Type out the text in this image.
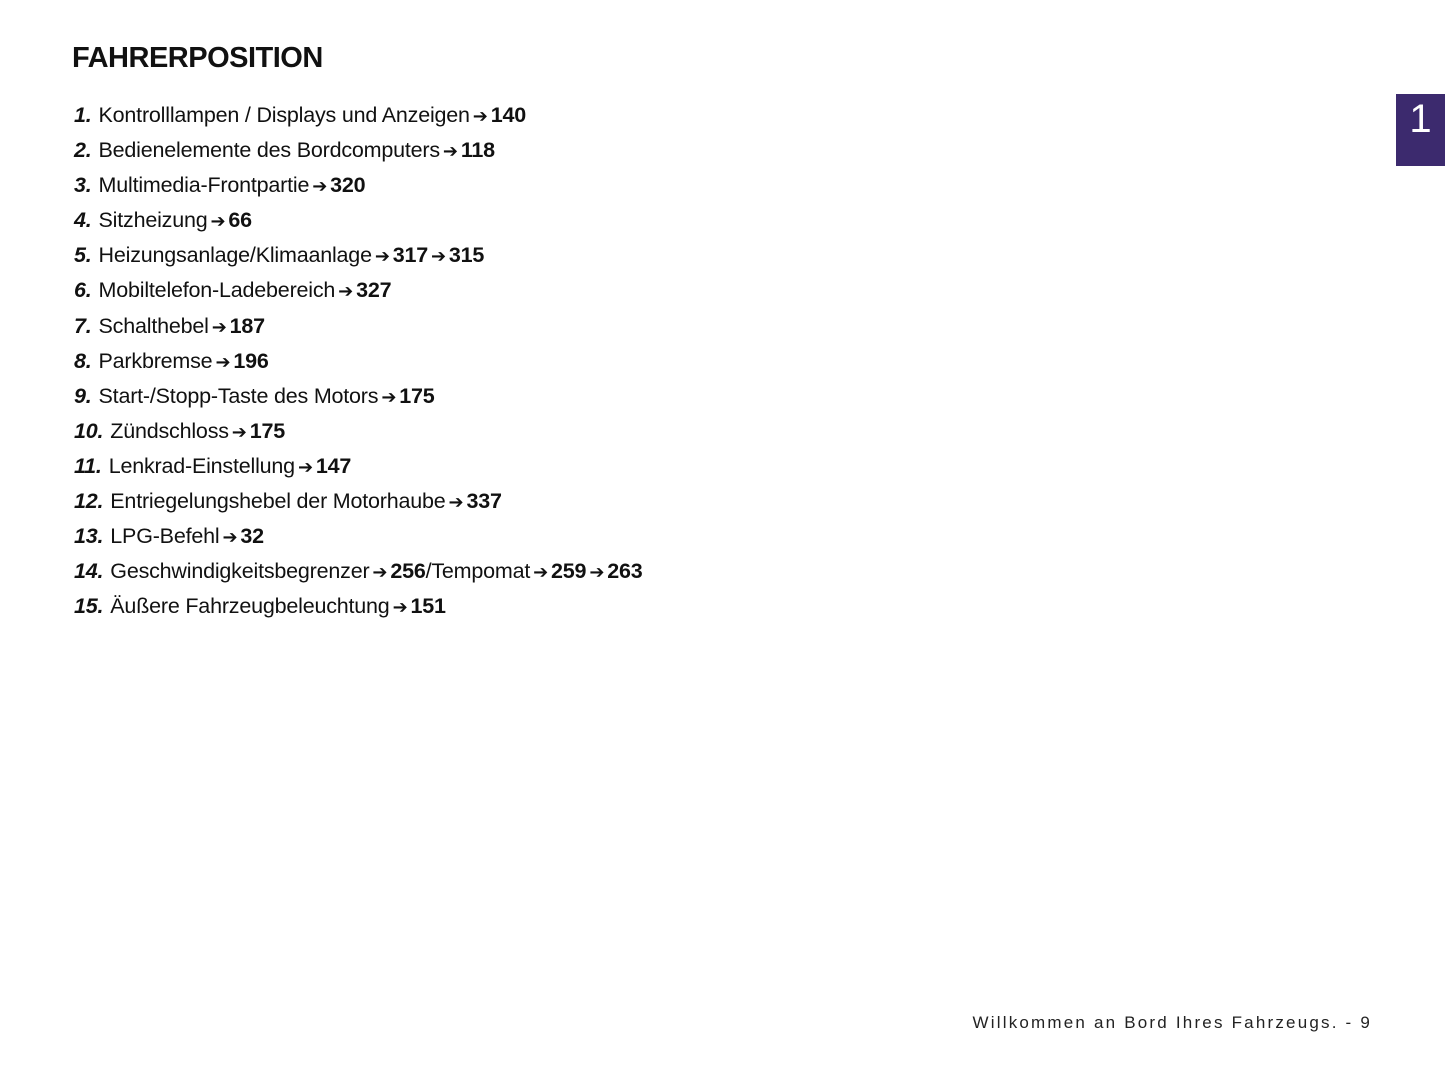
FAHRERPOSITION
1. Kontrolllampen / Displays und Anzeigen ➔ 140
2. Bedienelemente des Bordcomputers ➔ 118
3. Multimedia-Frontpartie ➔ 320
4. Sitzheizung ➔ 66
5. Heizungsanlage/Klimaanlage ➔ 317 ➔ 315
6. Mobiltelefon-Ladebereich ➔ 327
7. Schalthebel ➔ 187
8. Parkbremse ➔ 196
9. Start-/Stopp-Taste des Motors ➔ 175
10. Zündschloss ➔ 175
11. Lenkrad-Einstellung ➔ 147
12. Entriegelungshebel der Motorhaube ➔ 337
13. LPG-Befehl ➔ 32
14. Geschwindigkeitsbegrenzer ➔ 256/Tempomat ➔ 259 ➔ 263
15. Äußere Fahrzeugbeleuchtung ➔ 151
1
Willkommen an Bord Ihres Fahrzeugs. - 9
